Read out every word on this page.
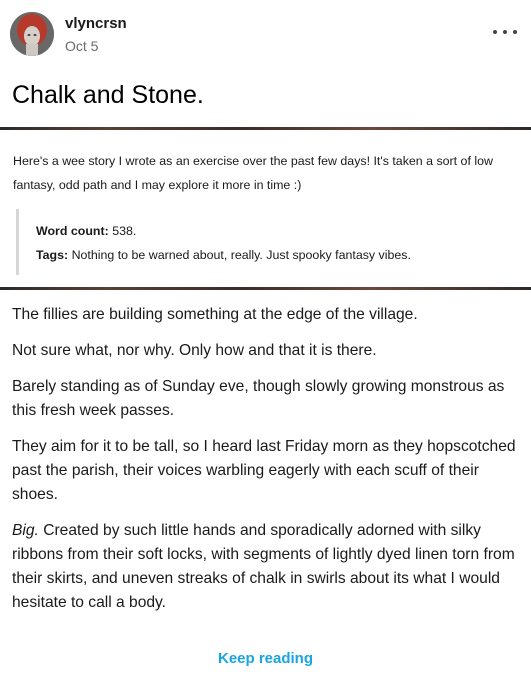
vlyncrsn
Oct 5
Chalk and Stone.
Here's a wee story I wrote as an exercise over the past few days! It's taken a sort of low fantasy, odd path and I may explore it more in time :)
Word count: 538.
Tags: Nothing to be warned about, really. Just spooky fantasy vibes.

The fillies are building something at the edge of the village.

Not sure what, nor why. Only how and that it is there.

Barely standing as of Sunday eve, though slowly growing monstrous as this fresh week passes.

They aim for it to be tall, so I heard last Friday morn as they hopscotched past the parish, their voices warbling eagerly with each scuff of their shoes.

Big. Created by such little hands and sporadically adorned with silky ribbons from their soft locks, with segments of lightly dyed linen torn from their skirts, and uneven streaks of chalk in swirls about its what I would hesitate to call a body.

Keep reading
